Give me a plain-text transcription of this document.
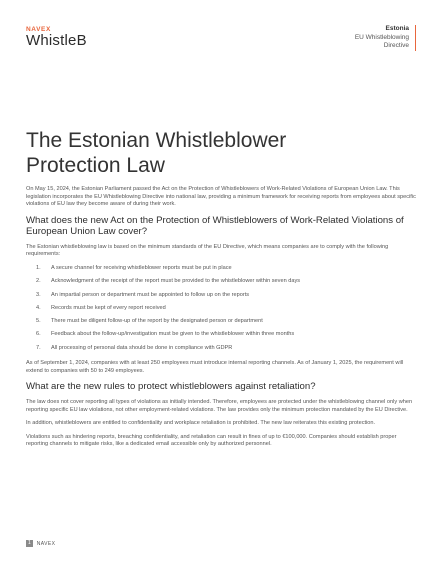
NAVEX
WhistleB
Estonia
EU Whistleblowing
Directive
The Estonian Whistleblower
Protection Law

On May 15, 2024, the Estonian Parliament passed the Act on the Protection of Whistleblowers of Work-Related Violations of European Union Law. This legislation incorporates the EU Whistleblowing Directive into national law, providing a minimum framework for receiving reports from employees about specific violations of EU law they become aware of during their work.

What does the new Act on the Protection of Whistleblowers of Work-Related Violations of European Union Law cover?

The Estonian whistleblowing law is based on the minimum standards of the EU Directive, which means companies are to comply with the following requirements:

1. A secure channel for receiving whistleblower reports must be put in place
2. Acknowledgment of the receipt of the report must be provided to the whistleblower within seven days
3. An impartial person or department must be appointed to follow up on the reports
4. Records must be kept of every report received
5. There must be diligent follow-up of the report by the designated person or department
6. Feedback about the follow-up/investigation must be given to the whistleblower within three months
7. All processing of personal data should be done in compliance with GDPR

As of September 1, 2024, companies with at least 250 employees must introduce internal reporting channels. As of January 1, 2025, the requirement will extend to companies with 50 to 249 employees.

What are the new rules to protect whistleblowers against retaliation?

The law does not cover reporting all types of violations as initially intended. Therefore, employees are protected under the whistleblowing channel only when reporting specific EU law violations, not other employment-related violations. The law provides only the minimum protection mandated by the EU Directive.

In addition, whistleblowers are entitled to confidentiality and workplace retaliation is prohibited. The new law reiterates this existing protection.

Violations such as hindering reports, breaching confidentiality, and retaliation can result in fines of up to €100,000. Companies should establish proper reporting channels to mitigate risks, like a dedicated email accessible only by authorized personnel.

1	NAVEX
